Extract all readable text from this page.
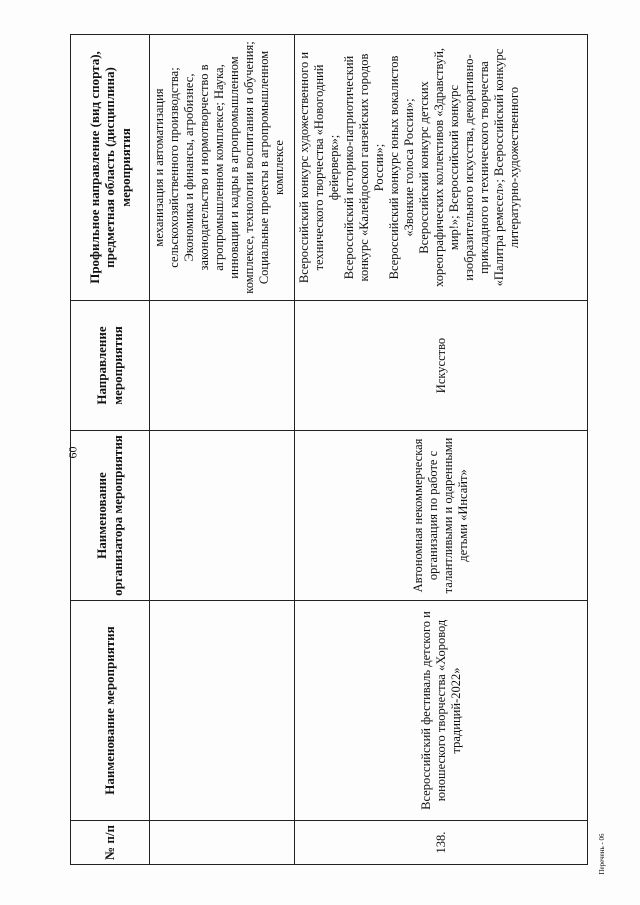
60
№ п/п	Наименование мероприятия	Наименование организатора мероприятия	Направление мероприятия	Профильное направление (вид спорта), предметная область (дисциплина) мероприятия
				механизация и автоматизация сельскохозяйственного производства; Экономика и финансы, агробизнес, законодательство и нормотворчество в агропромышленном комплексе; Наука, инновации и кадры в агропромышленном комплексе, технологии воспитания и обучения; Социальные проекты в агропромышленном комплексе
138.	Всероссийский фестиваль детского и юношеского творчества «Хоровод традиций-2022»	Автономная некоммерческая организация по работе с талантливыми и одаренными детьми «Инсайт»	Искусство	Всероссийский конкурс художественного и технического творчества «Новогодний фейерверк»; Всероссийский историко-патриотический конкурс «Калейдоскоп ганзейских городов России»; Всероссийский конкурс юных вокалистов «Звонкие голоса России»; Всероссийский конкурс детских хореографических коллективов «Здравствуй, мир!»; Всероссийский конкурс изобразительного искусства, декоративно-прикладного и технического творчества «Палитра ремесел»; Всероссийский конкурс литературно-художественного
Перечень - 06
